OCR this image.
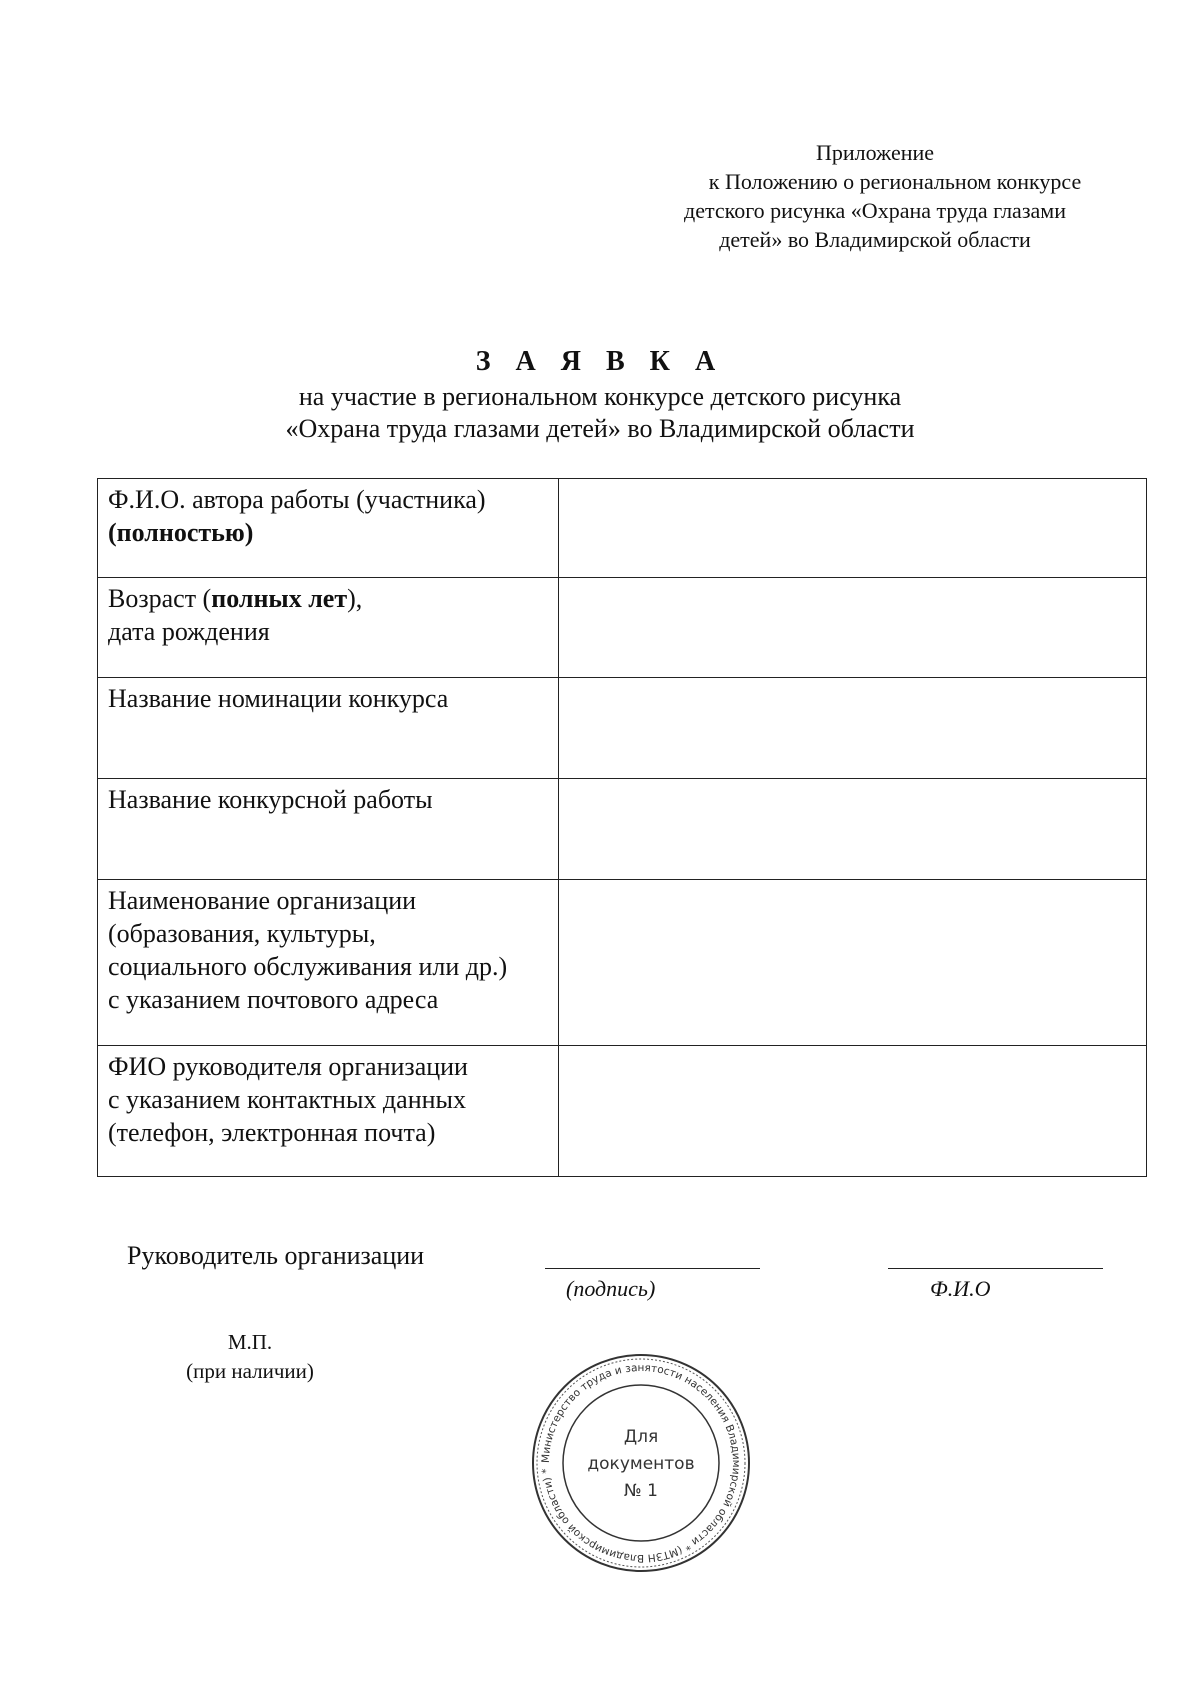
Приложение
к Положению о региональном конкурсе
детского рисунка «Охрана труда глазами
детей» во Владимирской области
З А Я В К А
на участие в региональном конкурсе детского рисунка
«Охрана труда глазами детей» во Владимирской области
Ф.И.О. автора работы (участника)
(полностью)	

Возраст (полных лет),
дата рождения	

Название номинации конкурса	

Название конкурсной работы	

Наименование организации
(образования, культуры,
социального обслуживания или др.)
с указанием почтового адреса	

ФИО руководителя организации
с указанием контактных данных
(телефон, электронная почта)	

Руководитель организации
(подпись)	Ф.И.О
М.П.
(при наличии)
Министерство труда и занятости населения Владимирской области * (МТЗН Владимирской области) *
Для
документов
№ 1
